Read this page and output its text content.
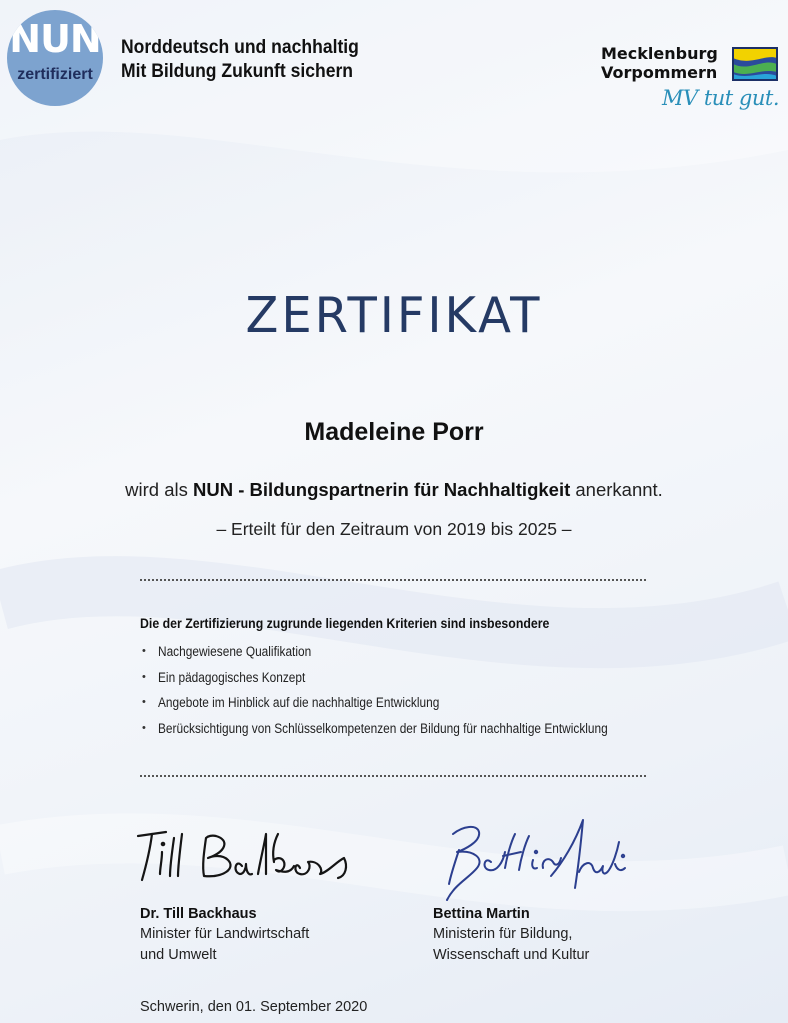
NUN
zertifiziert
Norddeutsch und nachhaltig
Mit Bildung Zukunft sichern
Mecklenburg
Vorpommern
MV tut gut.
ZERTIFIKAT
Madeleine Porr
wird als NUN - Bildungspartnerin für Nachhaltigkeit anerkannt.
– Erteilt für den Zeitraum von 2019 bis 2025 –
Die der Zertifizierung zugrunde liegenden Kriterien sind insbesondere
• Nachgewiesene Qualifikation
• Ein pädagogisches Konzept
• Angebote im Hinblick auf die nachhaltige Entwicklung
• Berücksichtigung von Schlüsselkompetenzen der Bildung für nachhaltige Entwicklung
Dr. Till Backhaus
Minister für Landwirtschaft
und Umwelt
Bettina Martin
Ministerin für Bildung,
Wissenschaft und Kultur
Schwerin, den 01. September 2020
